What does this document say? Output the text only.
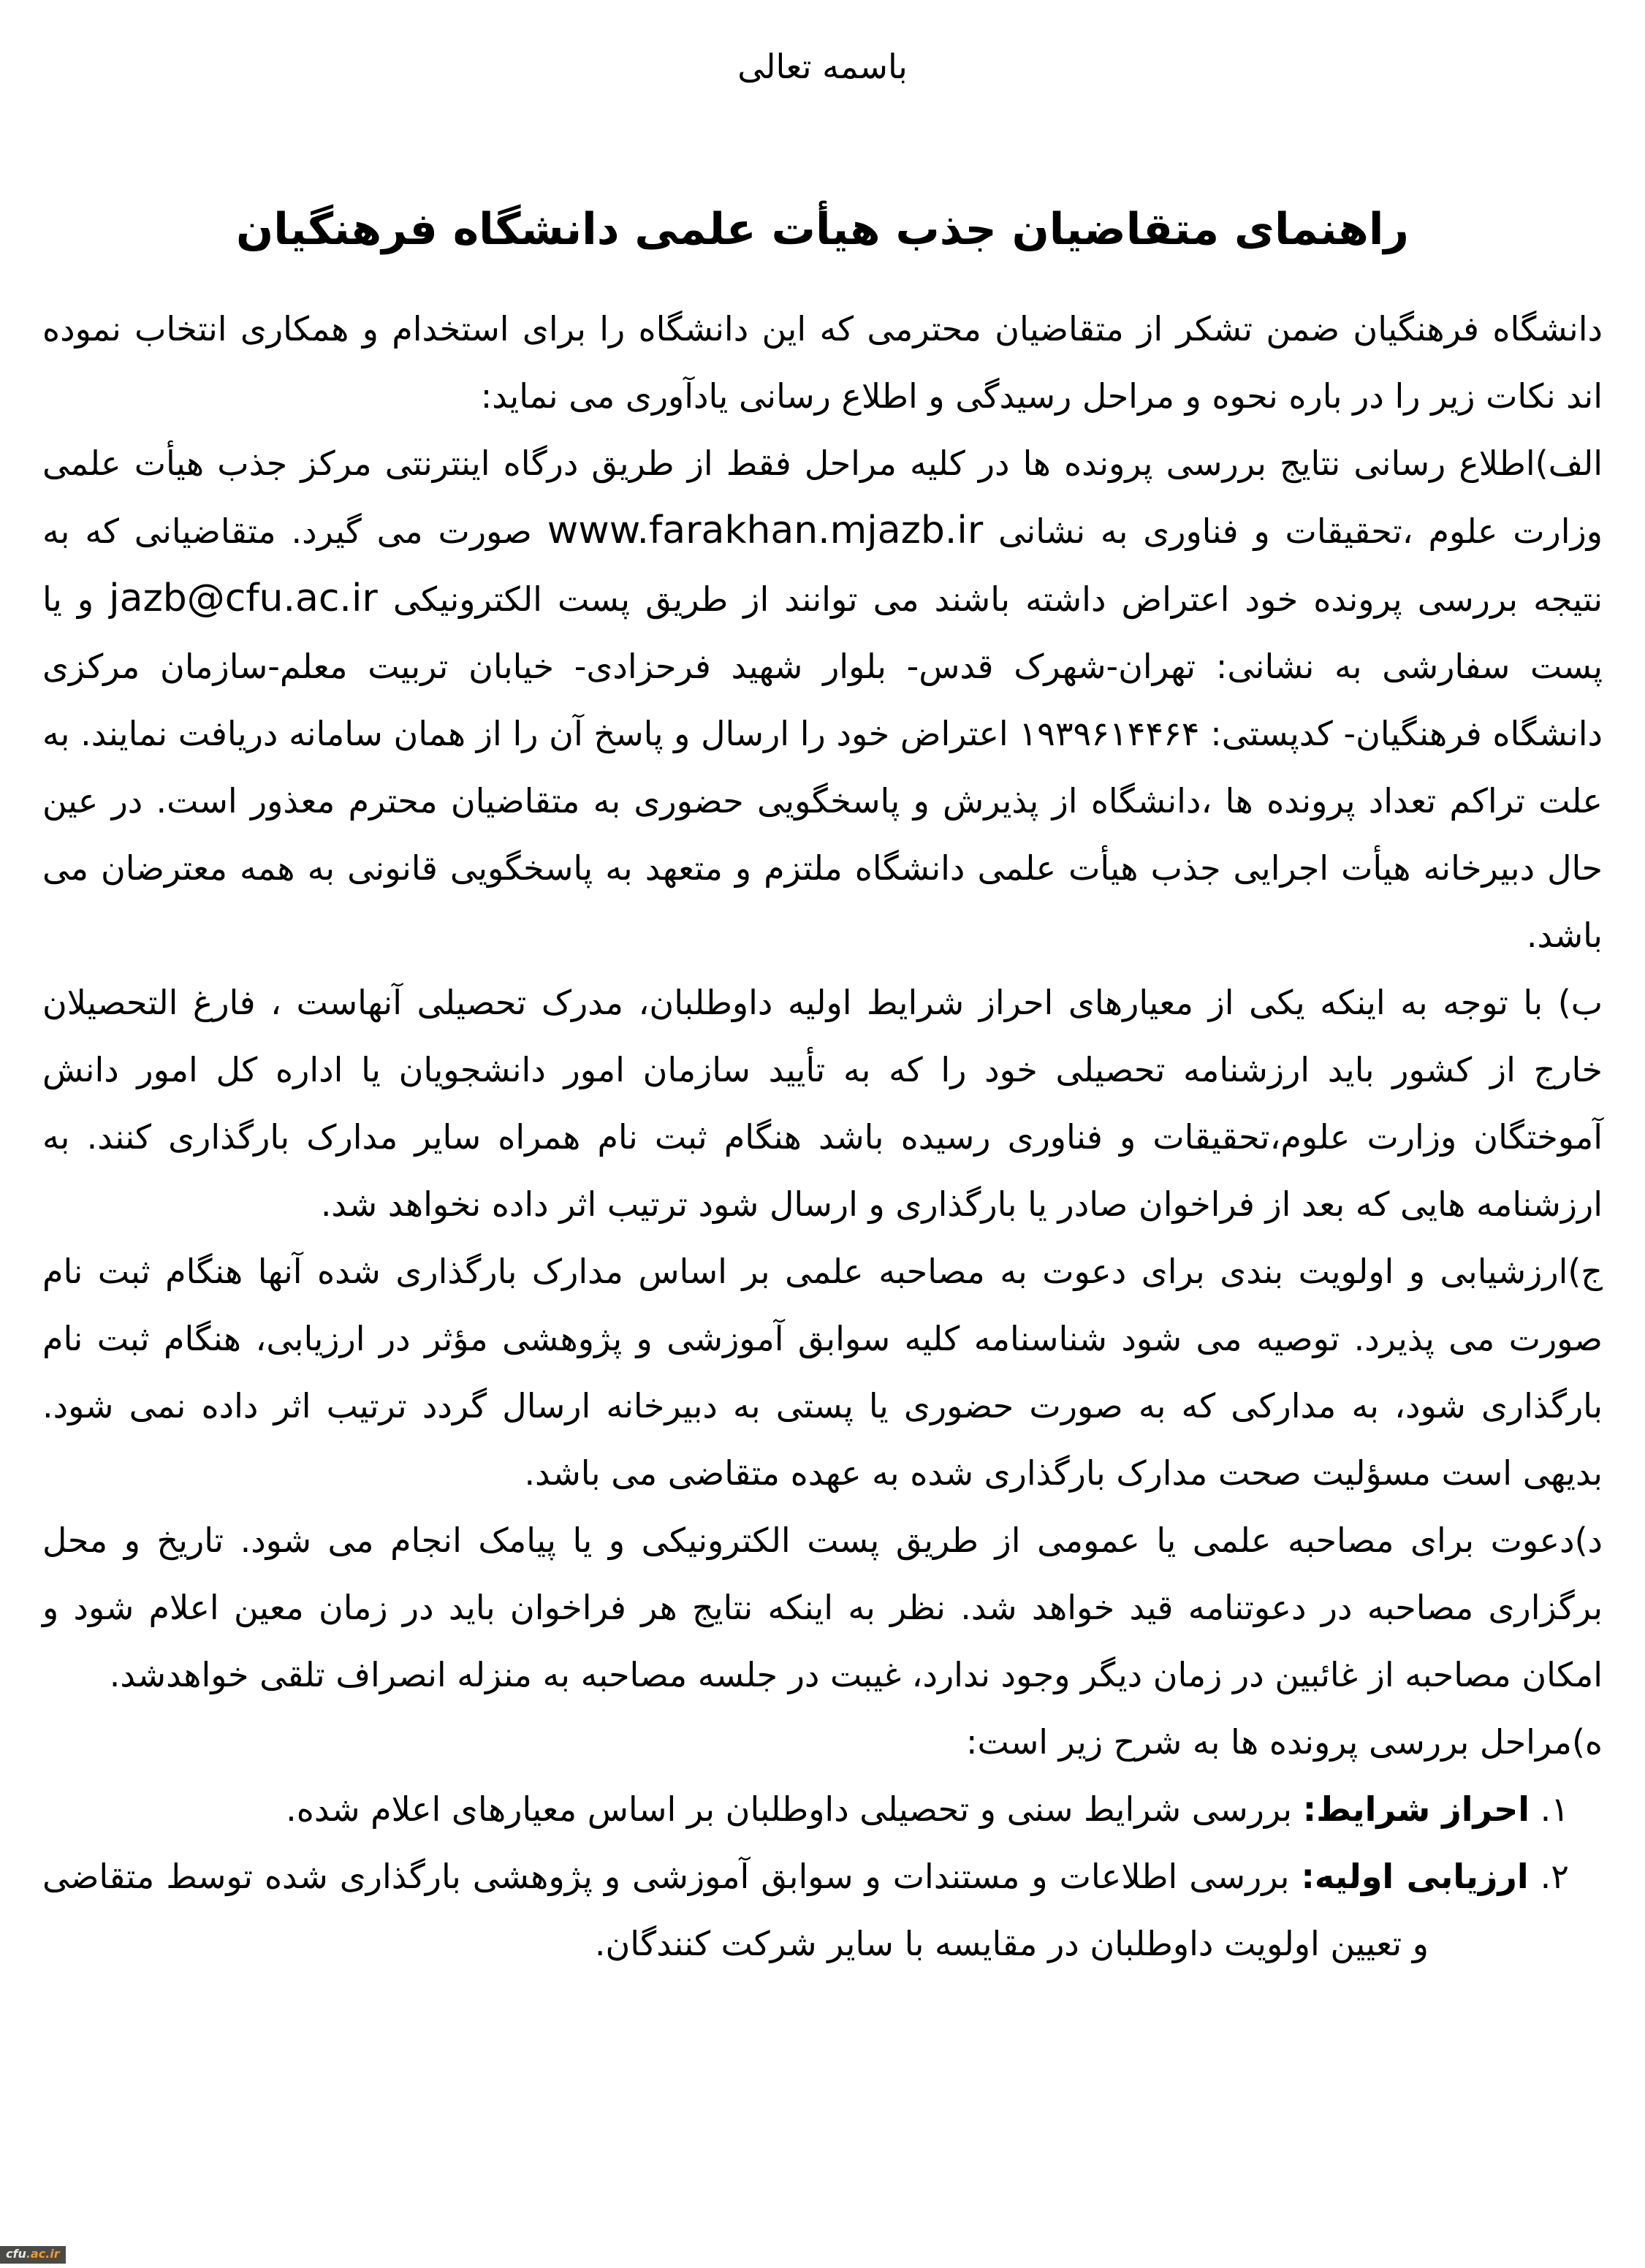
باسمه تعالی
راهنمای متقاضیان جذب هیأت علمی دانشگاه فرهنگیان
دانشگاه فرهنگیان ضمن تشکر از متقاضیان محترمی که این دانشگاه را برای استخدام و همکاری انتخاب نموده اند نکات زیر را در باره نحوه و مراحل رسیدگی و اطلاع رسانی یادآوری می نماید:
الف)اطلاع رسانی نتایج بررسی پرونده ها در کلیه مراحل فقط از طریق درگاه اینترنتی مرکز جذب هیأت علمی وزارت علوم ،تحقیقات و فناوری به نشانی www.farakhan.mjazb.ir صورت می گیرد. متقاضیانی که به نتیجه بررسی پرونده خود اعتراض داشته باشند می توانند از طریق پست الکترونیکی jazb@cfu.ac.ir و یا پست سفارشی به نشانی: تهران-شهرک قدس- بلوار شهید فرحزادی- خیابان تربیت معلم-سازمان مرکزی دانشگاه فرهنگیان- کدپستی: ۱۹۳۹۶۱۴۴۶۴ اعتراض خود را ارسال و پاسخ آن را از همان سامانه دریافت نمایند. به علت تراکم تعداد پرونده ها ،دانشگاه از پذیرش و پاسخگویی حضوری به متقاضیان محترم معذور است. در عین حال دبیرخانه هیأت اجرایی جذب هیأت علمی دانشگاه ملتزم و متعهد به پاسخگویی قانونی به همه معترضان می باشد.
ب) با توجه به اینکه یکی از معیارهای احراز شرایط اولیه داوطلبان، مدرک تحصیلی آنهاست ، فارغ التحصیلان خارج از کشور باید ارزشنامه تحصیلی خود را که به تأیید سازمان امور دانشجویان یا اداره کل امور دانش آموختگان وزارت علوم،تحقیقات و فناوری رسیده باشد هنگام ثبت نام همراه سایر مدارک بارگذاری کنند. به ارزشنامه هایی که بعد از فراخوان صادر یا بارگذاری و ارسال شود ترتیب اثر داده نخواهد شد.
ج)ارزشیابی و اولویت بندی برای دعوت به مصاحبه علمی بر اساس مدارک بارگذاری شده آنها هنگام ثبت نام صورت می پذیرد. توصیه می شود شناسنامه کلیه سوابق آموزشی و پژوهشی مؤثر در ارزیابی، هنگام ثبت نام بارگذاری شود، به مدارکی که به صورت حضوری یا پستی به دبیرخانه ارسال گردد ترتیب اثر داده نمی شود. بدیهی است مسؤلیت صحت مدارک بارگذاری شده به عهده متقاضی می باشد.
د)دعوت برای مصاحبه علمی یا عمومی از طریق پست الکترونیکی و یا پیامک انجام می شود. تاریخ و محل برگزاری مصاحبه در دعوتنامه قید خواهد شد. نظر به اینکه نتایج هر فراخوان باید در زمان معین اعلام شود و امکان مصاحبه از غائبین در زمان دیگر وجود ندارد، غیبت در جلسه مصاحبه به منزله انصراف تلقی خواهدشد.
ه)مراحل بررسی پرونده ها به شرح زیر است:
۱. احراز شرایط: بررسی شرایط سنی و تحصیلی داوطلبان بر اساس معیارهای اعلام شده.
۲. ارزیابی اولیه: بررسی اطلاعات و مستندات و سوابق آموزشی و پژوهشی بارگذاری شده توسط متقاضی و تعیین اولویت داوطلبان در مقایسه با سایر شرکت کنندگان.
cfu.ac.ir
